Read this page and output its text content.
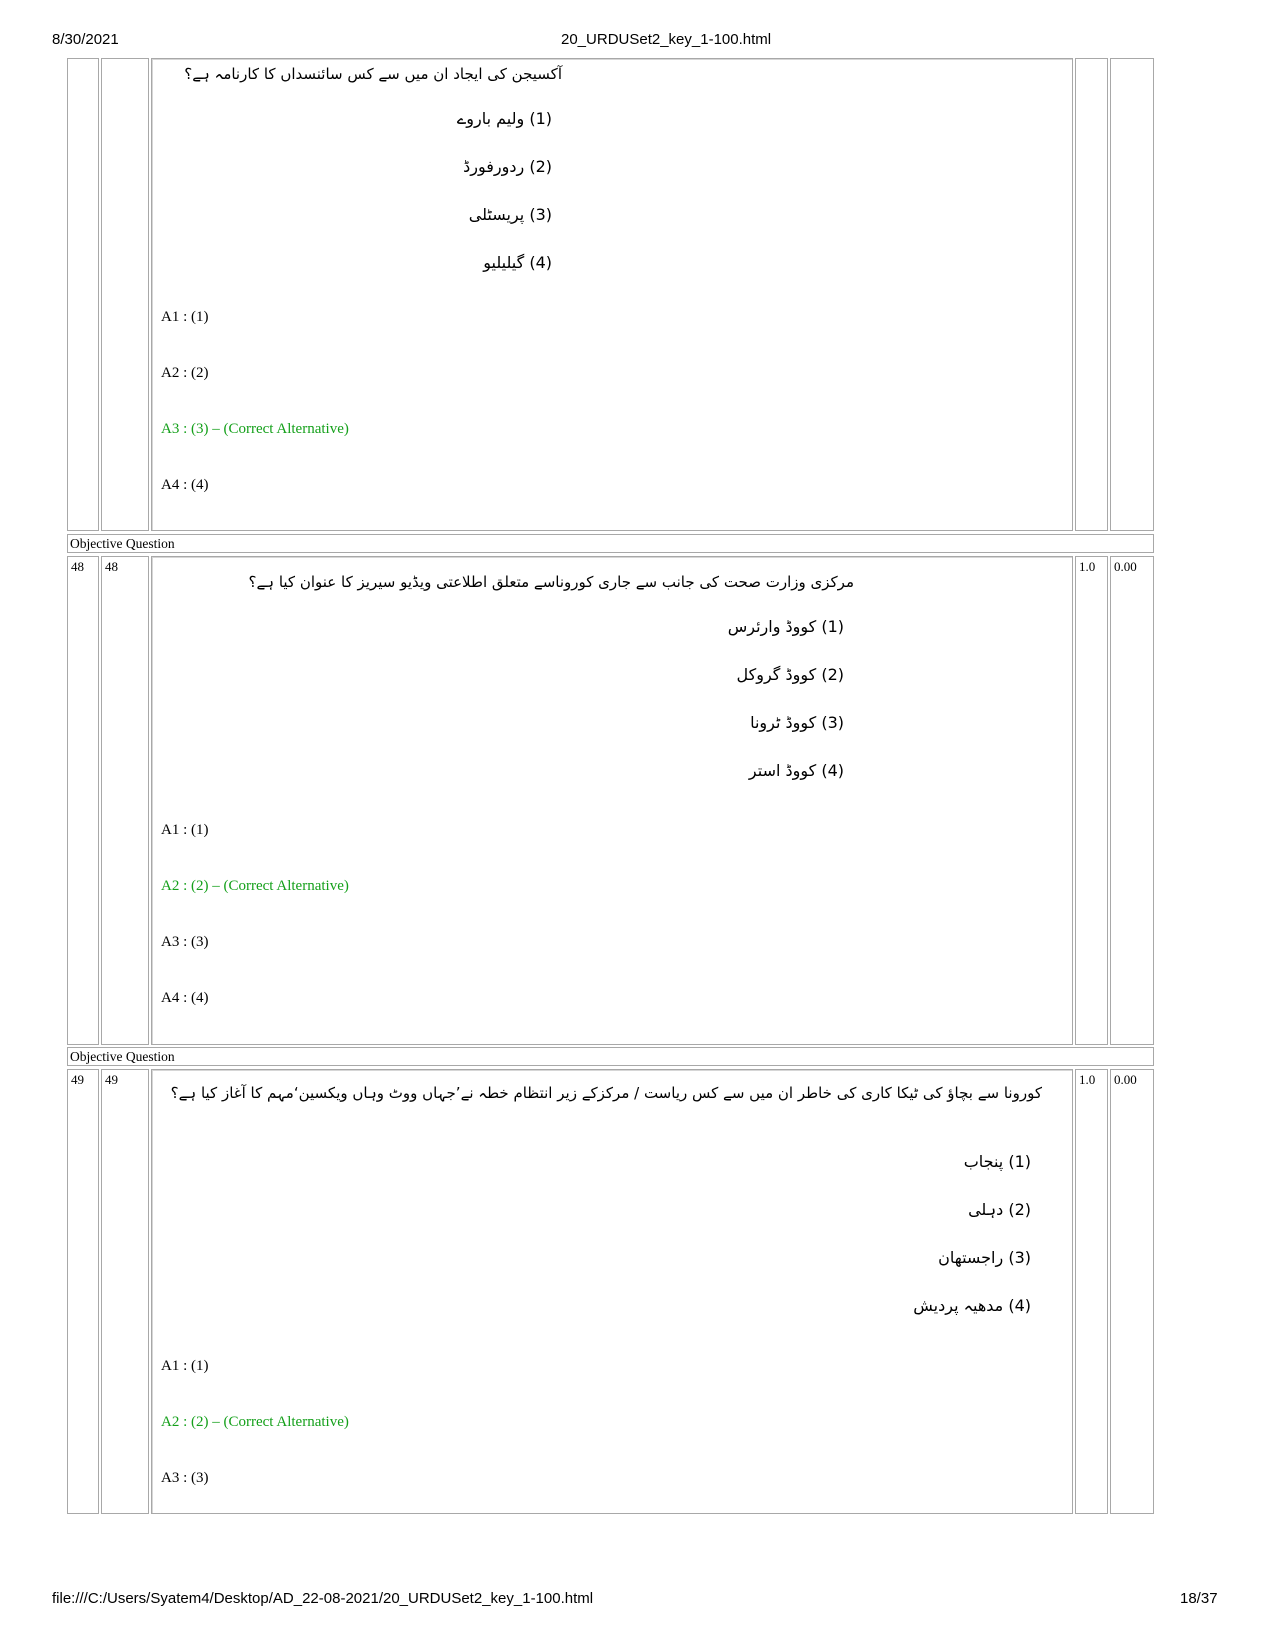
8/30/2021	20_URDUSet2_key_1-100.html
آکسیجن کی ایجاد ان میں سے کس سائنسداں کا کارنامہ ہے؟
(1) ولیم باروے
(2) ردورفورڈ
(3) پریسٹلی
(4) گیلیلیو
A1 : (1)
A2 : (2)
A3 : (3) – (Correct Alternative)
A4 : (4)
Objective Question
48 48
مرکزی وزارت صحت کی جانب سے جاری کوروناسے متعلق اطلاعتی ویڈیو سیریز کا عنوان کیا ہے؟
(1) کووڈ وارئرس
(2) کووڈ گروکل
(3) کووڈ ٹرونا
(4) کووڈ استر
A1 : (1)
A2 : (2) – (Correct Alternative)
A3 : (3)
A4 : (4)
1.0 0.00
Objective Question
49 49
کورونا سے بچاؤ کی ٹیکا کاری کی خاطر ان میں سے کس ریاست / مرکزکے زیر انتظام خطہ نے’جہاں ووٹ وہاں ویکسین‘مہم کا آغاز کیا ہے؟
(1) پنجاب
(2) دہلی
(3) راجستھان
(4) مدھیہ پردیش
A1 : (1)
A2 : (2) – (Correct Alternative)
A3 : (3)
1.0 0.00
file:///C:/Users/Syatem4/Desktop/AD_22-08-2021/20_URDUSet2_key_1-100.html	18/37
